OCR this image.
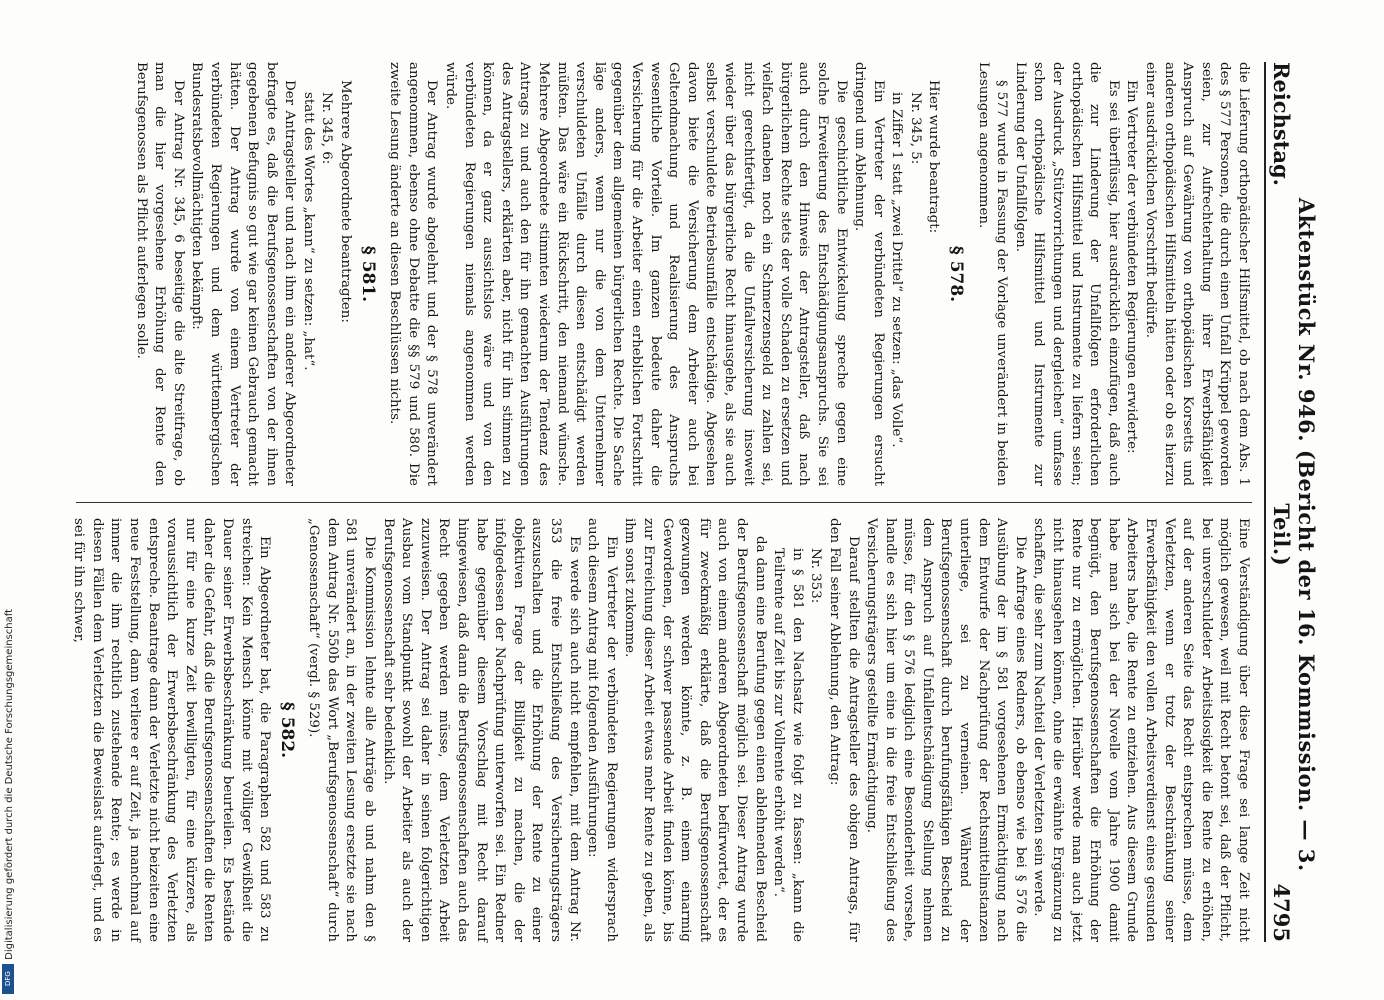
Reichstag.
Aktenstück Nr. 946. (Bericht der 16. Kommission. — 3. Teil.)
4795

die Lieferung orthopädischer Hilfsmittel, ob nach dem Abs. 1 des § 577 Personen, die durch einen Unfall Krüppel geworden seien, zur Aufrechterhaltung ihrer Erwerbsfähigkeit Anspruch auf Gewährung von orthopädischen Korsetts und anderen orthopädischen Hilfsmitteln hätten oder ob es hierzu einer ausdrücklichen Vorschrift bedürfe.

Ein Vertreter der verbündeten Regierungen erwiderte:

Es sei überflüssig, hier ausdrücklich einzufügen, daß auch die zur Linderung der Unfallfolgen erforderlichen orthopädischen Hilfsmittel und Instrumente zu liefern seien; der Ausdruck „Stützvorrichtungen und dergleichen“ umfasse schon orthopädische Hilfsmittel und Instrumente zur Linderung der Unfallfolgen.

§ 577 wurde in Fassung der Vorlage unverändert in beiden Lesungen angenommen.

§ 578.

Hier wurde beantragt:

Nr. 345, 5:

in Ziffer 1 statt „zwei Drittel“ zu setzen: „das Volle“.

Ein Vertreter der verbündeten Regierungen ersucht dringend um Ablehnung.

Die geschichtliche Entwickelung spreche gegen eine solche Erweiterung des Entschädigungsanspruchs. Sie sei auch durch den Hinweis der Antragsteller, daß nach bürgerlichem Rechte stets der volle Schaden zu ersetzen und vielfach daneben noch ein Schmerzensgeld zu zahlen sei, nicht gerechtfertigt, da die Unfallversicherung insoweit wieder über das bürgerliche Recht hinausgehe, als sie auch selbst verschuldete Betriebsunfälle entschädige. Abgesehen davon biete die Versicherung dem Arbeiter auch bei Geltendmachung und Realisierung des Anspruchs wesentliche Vorteile. Im ganzen bedeute daher die Versicherung für die Arbeiter einen erheblichen Fortschritt gegenüber dem allgemeinen bürgerlichen Rechte. Die Sache läge anders, wenn nur die von dem Unternehmer verschuldeten Unfälle durch diesen entschädigt werden müßten. Das wäre ein Rückschritt, den niemand wünsche. Mehrere Abgeordnete stimmten wiederum der Tendenz des Antrags zu und auch den für ihn gemachten Ausführungen des Antragstellers, erklärten aber, nicht für ihn stimmen zu können, da er ganz aussichtslos wäre und von den verbündeten Regierungen niemals angenommen werden würde.

Der Antrag wurde abgelehnt und der § 578 unverändert angenommen, ebenso ohne Debatte die §§ 579 und 580. Die zweite Lesung änderte an diesen Beschlüssen nichts.

§ 581.

Mehrere Abgeordnete beantragten:

Nr. 345, 6:

statt des Wortes „kann“ zu setzen: „hat“.

Der Antragsteller und nach ihm ein anderer Abgeordneter befragte es, daß die Berufsgenossenschaften von der ihnen gegebenen Befugnis so gut wie gar keinen Gebrauch gemacht hätten. Der Antrag wurde von einem Vertreter der verbündeten Regierungen und dem württembergischen Bundesratsbevollmächtigten bekämpft:

Der Antrag Nr. 345, 6 beseitige die alte Streitfrage, ob man die hier vorgesehene Erhöhung der Rente den Berufsgenossen als Pflicht auferlegen solle.

Eine Verständigung über diese Frage sei lange Zeit nicht möglich gewesen, weil mit Recht betont sei, daß der Pflicht, bei unverschuldeter Arbeitslosigkeit die Rente zu erhöhen, auf der anderen Seite das Recht entsprechen müsse, dem Verletzten, wenn er trotz der Beschränkung seiner Erwerbsfähigkeit den vollen Arbeitsverdienst eines gesunden Arbeiters habe, die Rente zu entziehen. Aus diesem Grunde habe man sich bei der Novelle vom Jahre 1900 damit begnügt, den Berufsgenossenschaften die Erhöhung der Rente nur zu ermöglichen. Hierüber werde man auch jetzt nicht hinausgehen können, ohne die erwähnte Ergänzung zu schaffen, die sehr zum Nachteil der Verletzten sein werde.

Die Anfrage eines Redners, ob ebenso wie bei § 576 die Ausübung der im § 581 vorgesehenen Ermächtigung nach dem Entwurfe der Nachprüfung der Rechtsmittelinstanzen unterliege, sei zu verneinen. Während der Berufsgenossenschaft durch berufungsfähigen Bescheid zu dem Anspruch auf Unfallentschädigung Stellung nehmen müsse, für den § 576 lediglich eine Besonderheit vorsehe, handle es sich hier um eine in die freie Entschließung des Versicherungsträgers gestellte Ermächtigung.

Darauf stellten die Antragsteller des obigen Antrags, für den Fall seiner Ablehnung, den Antrag:

Nr. 353:

in § 581 den Nachsatz wie folgt zu fassen: „kann die Teilrente auf Zeit bis zur Vollrente erhöht werden“.

da dann eine Berufung gegen einen ablehnenden Bescheid der Berufsgenossenschaft möglich sei. Dieser Antrag wurde auch von einem anderen Abgeordneten befürwortet, der es für zweckmäßig erklärte, daß die Berufsgenossenschaft gezwungen werden könnte, z. B. einem einarmig Gewordenen, der schwer passende Arbeit finden könne, bis zur Erreichung dieser Arbeit etwas mehr Rente zu geben, als ihm sonst zukomme.

Ein Vertreter der verbündeten Regierungen widersprach auch diesem Antrag mit folgenden Ausführungen:

Es werde sich auch nicht empfehlen, mit dem Antrag Nr. 353 die freie Entschließung des Versicherungsträgers auszuschalten und die Erhöhung der Rente zu einer objektiven Frage der Billigkeit zu machen, die der infolgedessen der Nachprüfung unterworfen sei. Ein Redner habe gegenüber diesem Vorschlag mit Recht darauf hingewiesen, daß dann die Berufsgenossenschaften auch das Recht gegeben werden müsse, dem Verletzten Arbeit zuzuweisen. Der Antrag sei daher in seinen folgerichtigen Ausbau vom Standpunkt sowohl der Arbeiter als auch der Berufsgenossenschaft sehr bedenklich.

Die Kommission lehnte alle Anträge ab und nahm den § 581 unverändert an, in der zweiten Lesung ersetzte sie nach dem Antrag Nr. 550b das Wort „Berufsgenossenschaft“ durch „Genossenschaft“ (vergl. § 529).

§ 582.

Ein Abgeordneter bat, die Paragraphen 582 und 583 zu streichen: Kein Mensch könne mit völliger Gewißheit die Dauer seiner Erwerbsbeschränkung beurteilen. Es bestände daher die Gefahr, daß die Berufsgenossenschaften die Renten nur für eine kurze Zeit bewilligten, für eine kürzere, als voraussichtlich der Erwerbsbeschränkung des Verletzten entspreche. Beantrage dann der Verletzte nicht beizeiten eine neue Feststellung, dann verliere er auf Zeit, ja manchmal auf immer die ihm rechtlich zustehende Rente; es werde in diesen Fällen dem Verletzten die Beweislast auferlegt, und es sei für ihn schwer,

Digitalisierung gefördert durch die Deutsche Forschungsgemeinschaft
DFG
